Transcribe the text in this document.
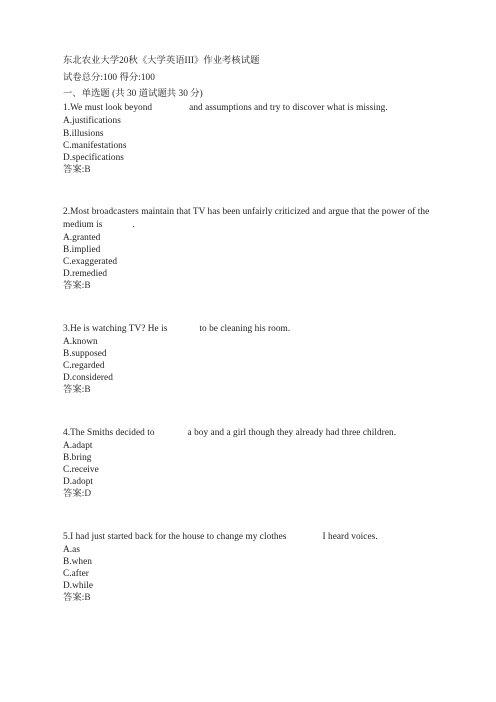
东北农业大学20秋《大学英语III》作业考核试题
试卷总分:100 得分:100
一、单选题 (共 30 道试题共 30 分)
1.We must look beyond	and assumptions and try to discover what is missing.
A.justifications
B.illusions
C.manifestations
D.specifications
答案:B
2.Most broadcasters maintain that TV has been unfairly criticized and argue that the power of the
medium is	.
A.granted
B.implied
C.exaggerated
D.remedied
答案:B
3.He is watching TV? He is	to be cleaning his room.
A.known
B.supposed
C.regarded
D.considered
答案:B
4.The Smiths decided to	a boy and a girl though they already had three children.
A.adapt
B.bring
C.receive
D.adopt
答案:D
5.I had just started back for the house to change my clothes	I heard voices.
A.as
B.when
C.after
D.while
答案:B
